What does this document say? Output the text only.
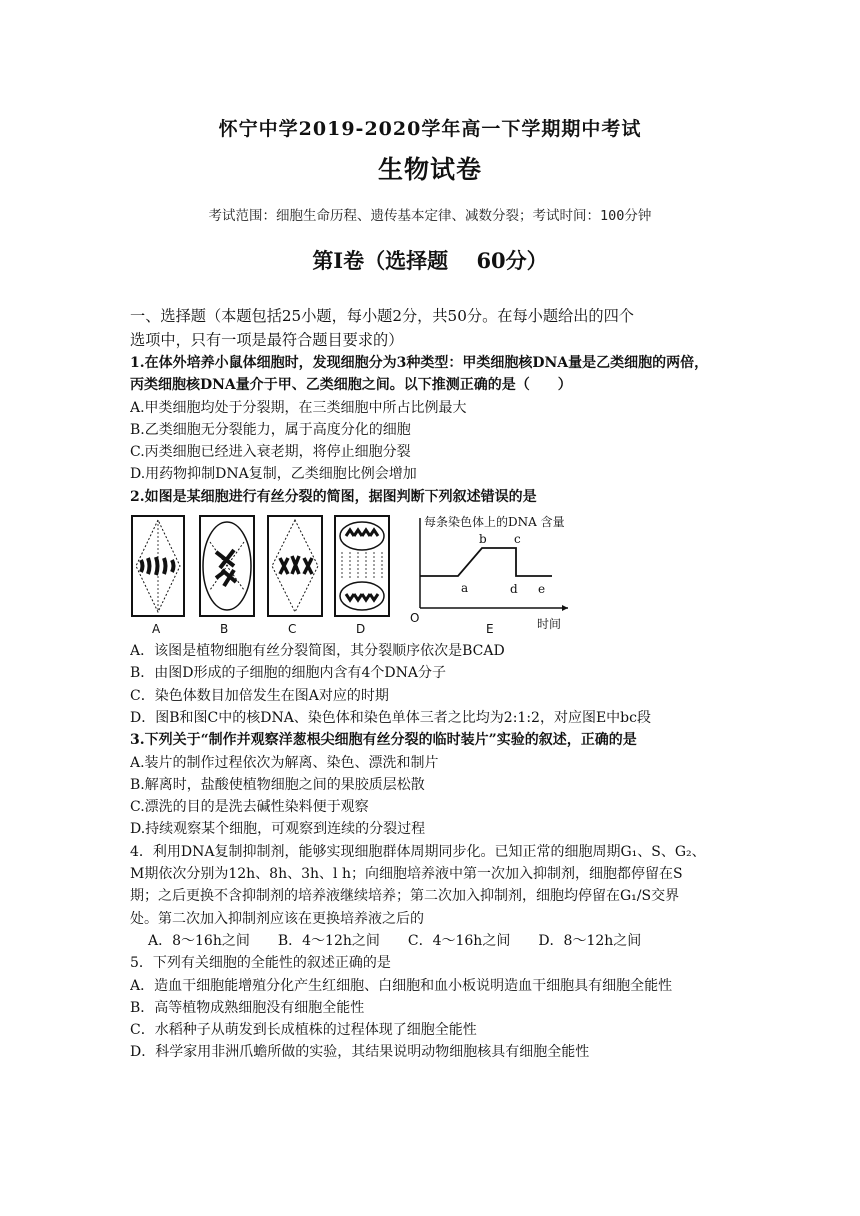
怀宁中学2019-2020学年高一下学期期中考试
生物试卷
考试范围：细胞生命历程、遗传基本定律、减数分裂；考试时间：100分钟
第Ⅰ卷（选择题　 60分）
一、选择题（本题包括25小题，每小题2分，共50分。在每小题给出的四个
选项中，只有一项是最符合题目要求的）
1.在体外培养小鼠体细胞时，发现细胞分为3种类型：甲类细胞核DNA量是乙类细胞的两倍，
丙类细胞核DNA量介于甲、乙类细胞之间。以下推测正确的是（　　）
A.甲类细胞均处于分裂期，在三类细胞中所占比例最大
B.乙类细胞无分裂能力，属于高度分化的细胞
C.丙类细胞已经进入衰老期，将停止细胞分裂
D.用药物抑制DNA复制，乙类细胞比例会增加
2.如图是某细胞进行有丝分裂的简图，据图判断下列叙述错误的是
A	B	C	D
每条染色体上的DNA 含量
O	时间
E
a
b c
d e
A．该图是植物细胞有丝分裂简图，其分裂顺序依次是BCAD
B．由图D形成的子细胞的细胞内含有4个DNA分子
C．染色体数目加倍发生在图A对应的时期
D．图B和图C中的核DNA、染色体和染色单体三者之比均为2:1:2，对应图E中bc段
3.下列关于“制作并观察洋葱根尖细胞有丝分裂的临时装片”实验的叙述，正确的是
A.装片的制作过程依次为解离、染色、漂洗和制片
B.解离时，盐酸使植物细胞之间的果胶质层松散
C.漂洗的目的是洗去碱性染料便于观察
D.持续观察某个细胞，可观察到连续的分裂过程
4．利用DNA复制抑制剂，能够实现细胞群体周期同步化。已知正常的细胞周期G₁、S、G₂、
M期依次分别为12h、8h、3h、l h；向细胞培养液中第一次加入抑制剂，细胞都停留在S
期；之后更换不含抑制剂的培养液继续培养；第二次加入抑制剂，细胞均停留在G₁/S交界
处。第二次加入抑制剂应该在更换培养液之后的
A．8～16h之间　　B．4～12h之间　　C．4～16h之间　　D．8～12h之间
5．下列有关细胞的全能性的叙述正确的是
A．造血干细胞能增殖分化产生红细胞、白细胞和血小板说明造血干细胞具有细胞全能性
B．高等植物成熟细胞没有细胞全能性
C．水稻种子从萌发到长成植株的过程体现了细胞全能性
D．科学家用非洲爪蟾所做的实验，其结果说明动物细胞核具有细胞全能性
